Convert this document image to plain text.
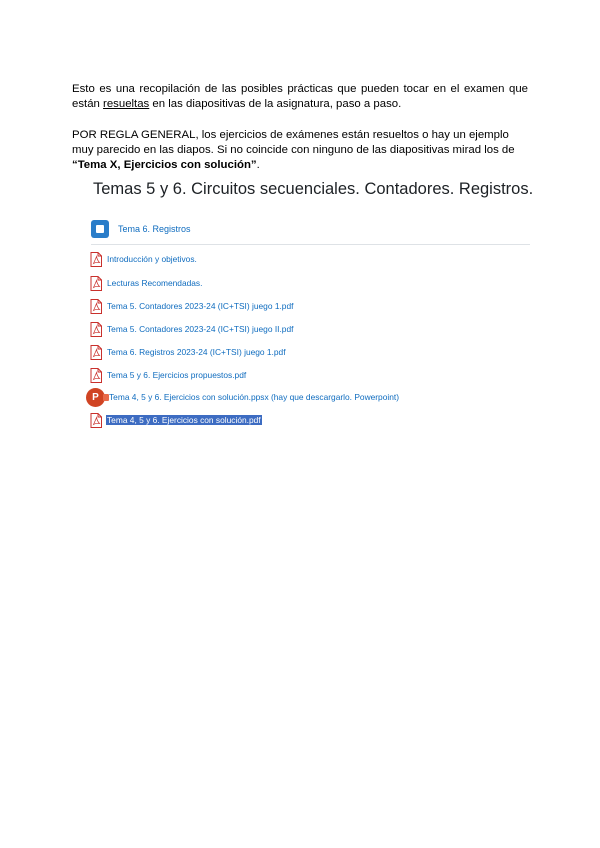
Esto es una recopilación de las posibles prácticas que pueden tocar en el examen que están resueltas en las diapositivas de la asignatura, paso a paso.

POR REGLA GENERAL, los ejercicios de exámenes están resueltos o hay un ejemplo muy parecido en las diapos. Si no coincide con ninguno de las diapositivas mirad los de “Tema X, Ejercicios con solución”.

Temas 5 y 6. Circuitos secuenciales. Contadores. Registros.
Tema 6. Registros
Introducción y objetivos.
Lecturas Recomendadas.
Tema 5. Contadores 2023-24 (IC+TSI) juego 1.pdf
Tema 5. Contadores 2023-24 (IC+TSI) juego II.pdf
Tema 6. Registros 2023-24 (IC+TSI) juego 1.pdf
Tema 5 y 6. Ejercicios propuestos.pdf
P	Tema 4, 5 y 6. Ejercicios con solución.ppsx (hay que descargarlo. Powerpoint)
Tema 4, 5 y 6. Ejercicios con solución.pdf
